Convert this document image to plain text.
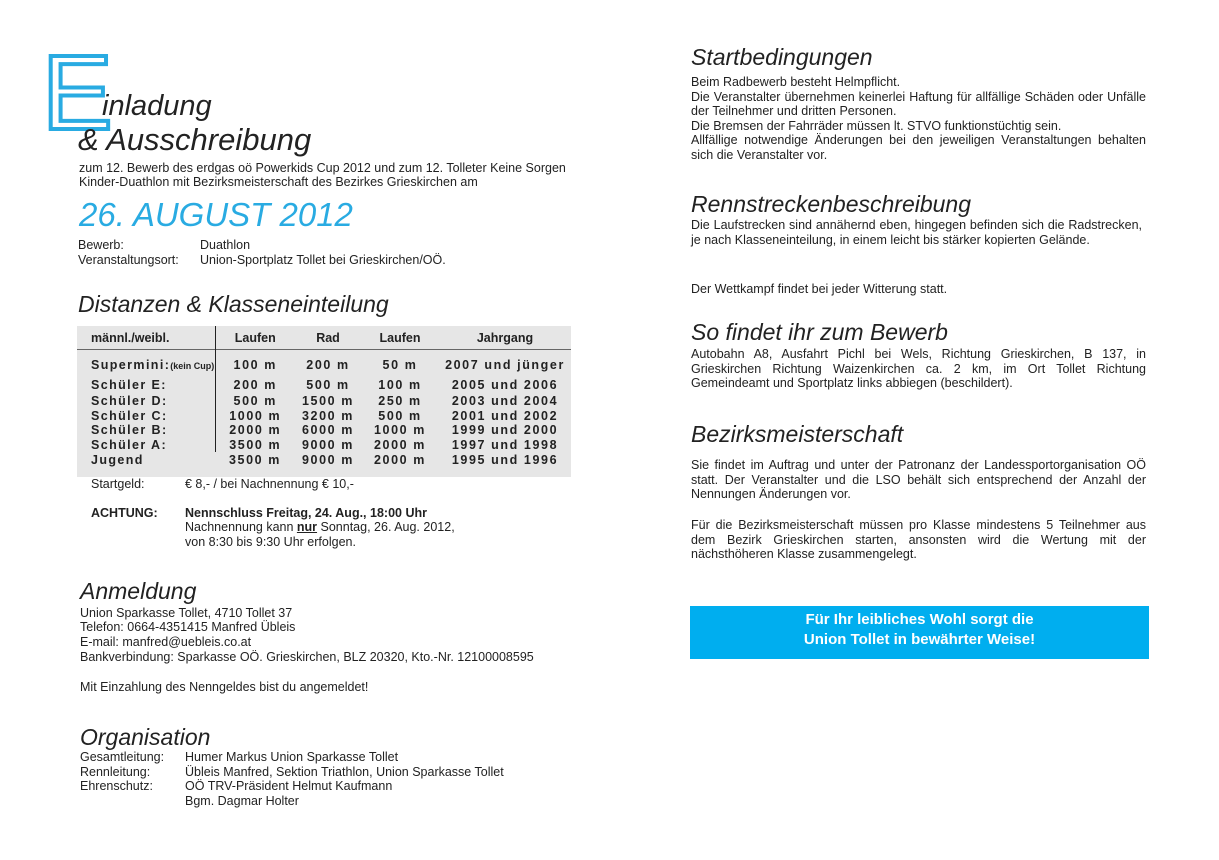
E
inladung
& Ausschreibung
zum 12. Bewerb des erdgas oö Powerkids Cup 2012 und zum 12. Tolleter Keine Sorgen
Kinder-Duathlon mit Bezirksmeisterschaft des Bezirkes Grieskirchen am
26. AUGUST 2012
Bewerb:	Duathlon
Veranstaltungsort:	Union-Sportplatz Tollet bei Grieskirchen/OÖ.
Distanzen & Klasseneinteilung
männl./weibl.	Laufen	Rad	Laufen	Jahrgang
Supermini:(kein Cup)	100 m	200 m	50 m	2007 und jünger
Schüler E:	200 m	500 m	100 m	2005 und 2006
Schüler D:	500 m	1500 m	250 m	2003 und 2004
Schüler C:	1000 m	3200 m	500 m	2001 und 2002
Schüler B:	2000 m	6000 m	1000 m	1999 und 2000
Schüler A:	3500 m	9000 m	2000 m	1997 und 1998
Jugend	3500 m	9000 m	2000 m	1995 und 1996

Startgeld:	€ 8,- / bei Nachnennung € 10,-
ACHTUNG: Nennschluss Freitag, 24. Aug., 18:00 Uhr
Nachnennung kann nur Sonntag, 26. Aug. 2012,
von 8:30 bis 9:30 Uhr erfolgen.
Anmeldung
Union Sparkasse Tollet, 4710 Tollet 37
Telefon: 0664-4351415 Manfred Übleis
E-mail: manfred@uebleis.co.at
Bankverbindung: Sparkasse OÖ. Grieskirchen, BLZ 20320, Kto.-Nr. 12100008595
Mit Einzahlung des Nenngeldes bist du angemeldet!
Organisation
Gesamtleitung:	Humer Markus Union Sparkasse Tollet
Rennleitung:	Übleis Manfred, Sektion Triathlon, Union Sparkasse Tollet
Ehrenschutz:	OÖ TRV-Präsident Helmut Kaufmann
Bgm. Dagmar Holter
Startbedingungen
Beim Radbewerb besteht Helmpflicht.
Die Veranstalter übernehmen keinerlei Haftung für allfällige Schäden oder Unfälle der Teilnehmer und dritten Personen.
Die Bremsen der Fahrräder müssen lt. STVO funktionstüchtig sein.
Allfällige notwendige Änderungen bei den jeweiligen Veranstaltungen behalten sich die Veranstalter vor.
Rennstreckenbeschreibung
Die Laufstrecken sind annähernd eben, hingegen befinden sich die Radstrecken, je nach Klasseneinteilung, in einem leicht bis stärker kopierten Gelände.
Der Wettkampf findet bei jeder Witterung statt.
So findet ihr zum Bewerb
Autobahn A8, Ausfahrt Pichl bei Wels, Richtung Grieskirchen, B 137, in Grieskirchen Richtung Waizenkirchen ca. 2 km, im Ort Tollet Richtung Gemeindeamt und Sportplatz links abbiegen (beschildert).
Bezirksmeisterschaft
Sie findet im Auftrag und unter der Patronanz der Landessportorganisation OÖ statt. Der Veranstalter und die LSO behält sich entsprechend der Anzahl der Nennungen Änderungen vor.
Für die Bezirksmeisterschaft müssen pro Klasse mindestens 5 Teilnehmer aus dem Bezirk Grieskirchen starten, ansonsten wird die Wertung mit der nächsthöheren Klasse zusammengelegt.
Für Ihr leibliches Wohl sorgt die
Union Tollet in bewährter Weise!
